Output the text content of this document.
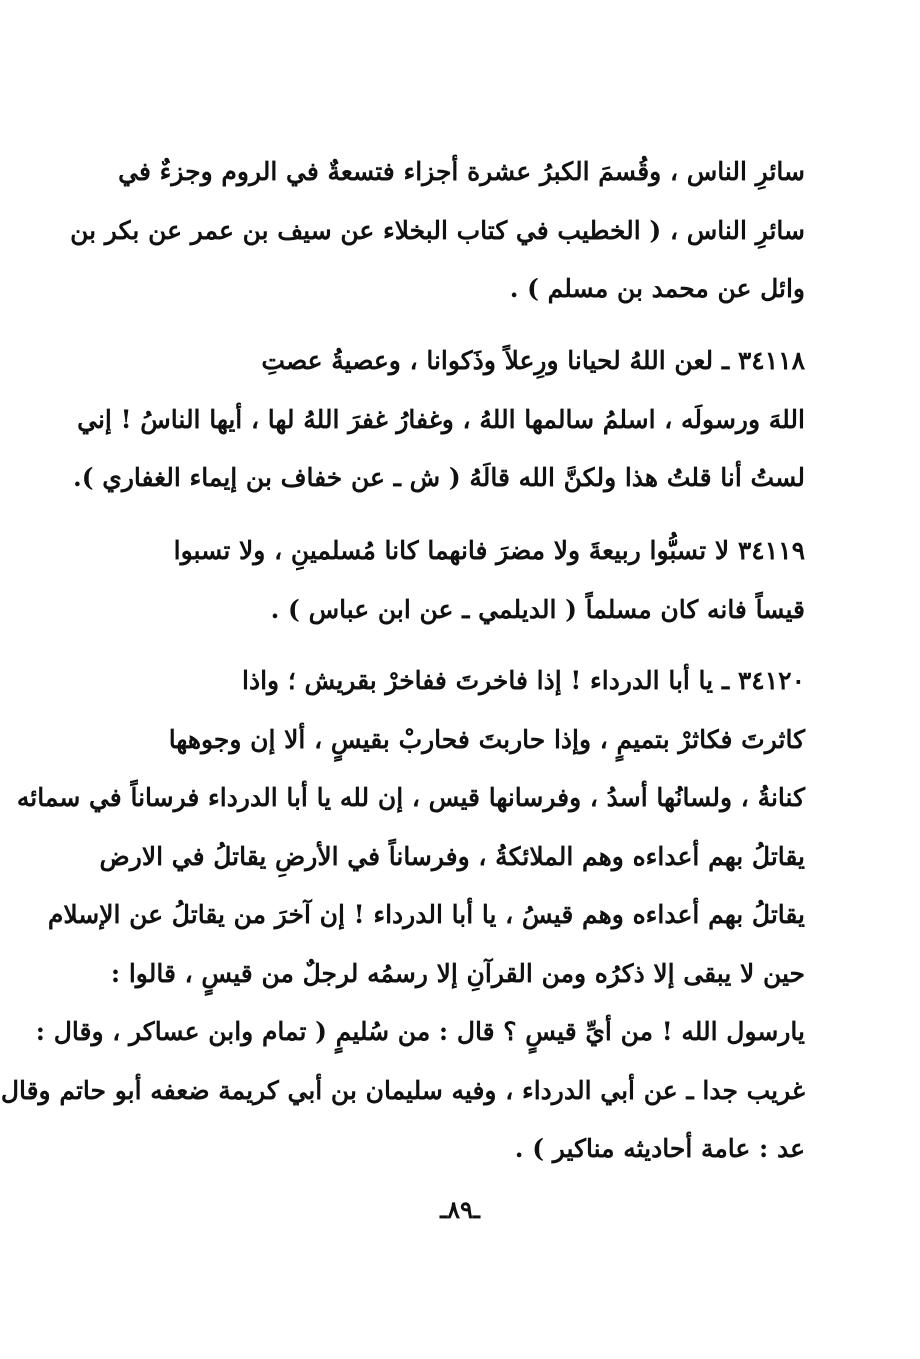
سائرِ الناس ، وقُسمَ الكبرُ عشرة أجزاء فتسعةٌ في الروم وجزءٌ في
سائرِ الناس ، ( الخطيب في كتاب البخلاء عن سيف بن عمر عن بكر بن
وائل عن محمد بن مسلم ) .
٣٤١١٨ ـ لعن اللهُ لحيانا ورِعلاً وذَكوانا ، وعصيةُ عصتِ
اللهَ ورسولَه ، اسلمُ سالمها اللهُ ، وغفارُ غفرَ اللهُ لها ، أيها الناسُ ! إني
لستُ أنا قلتُ هذا ولكنَّ الله قالَهُ ( ش ـ عن خفاف بن إيماء الغفاري ).
٣٤١١٩ لا تسبُّوا ربيعةَ ولا مضرَ فانهما كانا مُسلمينِ ، ولا تسبوا
قيساً فانه كان مسلماً ( الديلمي ـ عن ابن عباس ) .
٣٤١٢٠ ـ يا أبا الدرداء ! إذا فاخرتَ ففاخرْ بقريش ؛ واذا
كاثرتَ فكاثرْ بتميمٍ ، وإذا حاربتَ فحاربْ بقيسٍ ، ألا إن وجوهها
كنانةُ ، ولسانُها أسدُ ، وفرسانها قيس ، إن لله يا أبا الدرداء فرساناً في سمائه
يقاتلُ بهم أعداءه وهم الملائكةُ ، وفرساناً في الأرضِ يقاتلُ في الارض
يقاتلُ بهم أعداءه وهم قيسُ ، يا أبا الدرداء ! إن آخرَ من يقاتلُ عن الإسلام
حين لا يبقى إلا ذكرُه ومن القرآنِ إلا رسمُه لرجلٌ من قيسٍ ، قالوا :
يارسول الله ! من أيِّ قيسٍ ؟ قال : من سُليمٍ ( تمام وابن عساكر ، وقال :
غريب جدا ـ عن أبي الدرداء ، وفيه سليمان بن أبي كريمة ضعفه أبو حاتم وقال
عد : عامة أحاديثه مناكير ) .
ـ٨٩ـ
